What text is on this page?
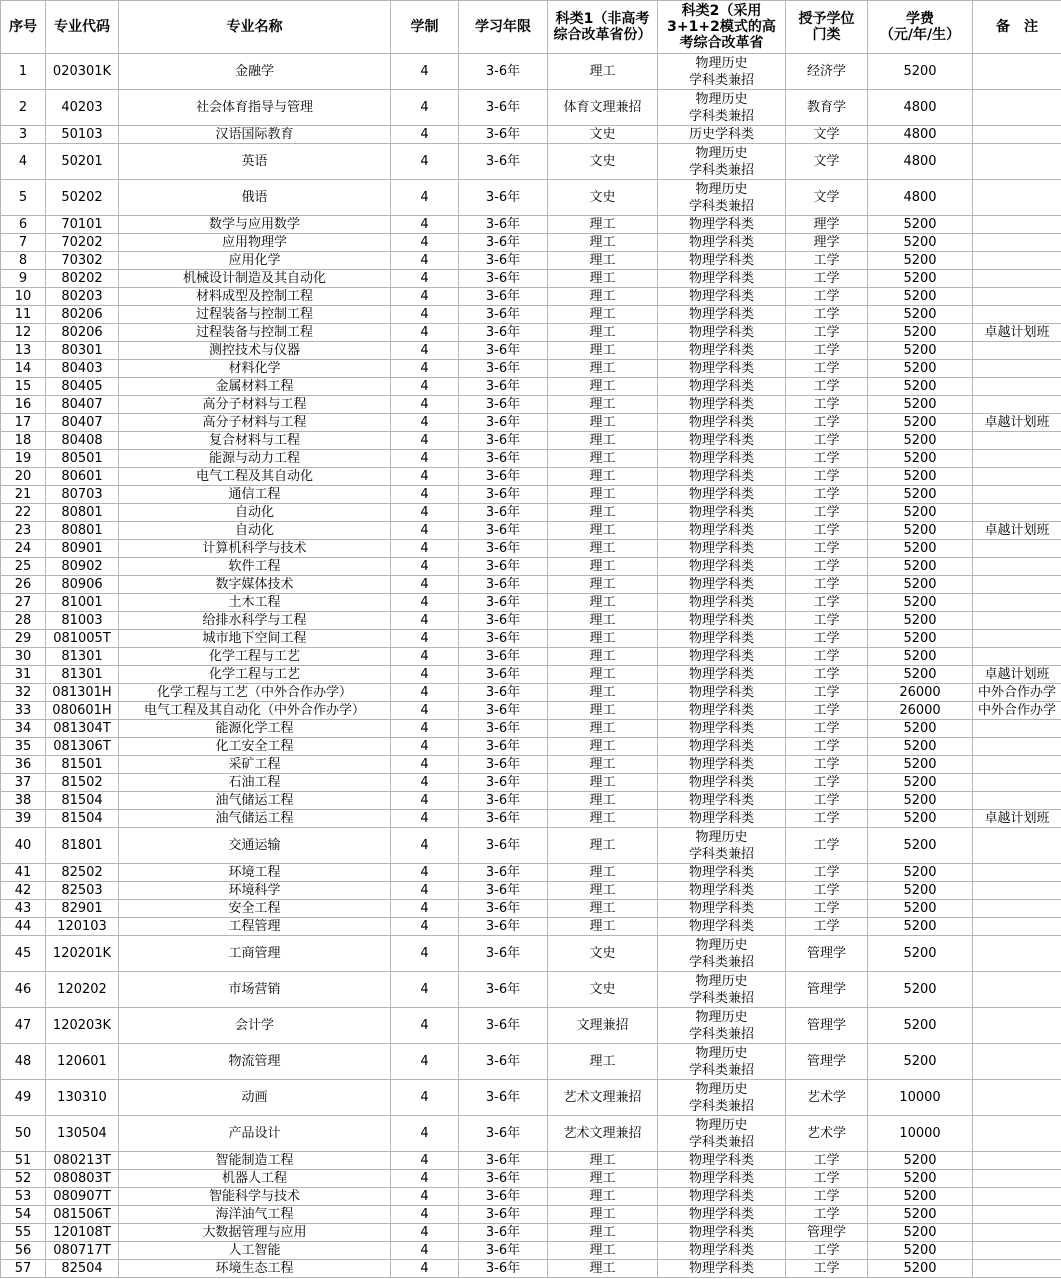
序号	专业代码	专业名称	学制	学习年限	科类1（非高考
综合改革省份）	科类2（采用
3+1+2模式的高
考综合改革省	授予学位
门类	学费
（元/年/生）	备　注
1	020301K	金融学	4	3-6年	理工	物理历史
学科类兼招	经济学	5200	
2	40203	社会体育指导与管理	4	3-6年	体育文理兼招	物理历史
学科类兼招	教育学	4800	
3	50103	汉语国际教育	4	3-6年	文史	历史学科类	文学	4800	
4	50201	英语	4	3-6年	文史	物理历史
学科类兼招	文学	4800	
5	50202	俄语	4	3-6年	文史	物理历史
学科类兼招	文学	4800	
6	70101	数学与应用数学	4	3-6年	理工	物理学科类	理学	5200	
7	70202	应用物理学	4	3-6年	理工	物理学科类	理学	5200	
8	70302	应用化学	4	3-6年	理工	物理学科类	工学	5200	
9	80202	机械设计制造及其自动化	4	3-6年	理工	物理学科类	工学	5200	
10	80203	材料成型及控制工程	4	3-6年	理工	物理学科类	工学	5200	
11	80206	过程装备与控制工程	4	3-6年	理工	物理学科类	工学	5200	
12	80206	过程装备与控制工程	4	3-6年	理工	物理学科类	工学	5200	卓越计划班
13	80301	测控技术与仪器	4	3-6年	理工	物理学科类	工学	5200	
14	80403	材料化学	4	3-6年	理工	物理学科类	工学	5200	
15	80405	金属材料工程	4	3-6年	理工	物理学科类	工学	5200	
16	80407	高分子材料与工程	4	3-6年	理工	物理学科类	工学	5200	
17	80407	高分子材料与工程	4	3-6年	理工	物理学科类	工学	5200	卓越计划班
18	80408	复合材料与工程	4	3-6年	理工	物理学科类	工学	5200	
19	80501	能源与动力工程	4	3-6年	理工	物理学科类	工学	5200	
20	80601	电气工程及其自动化	4	3-6年	理工	物理学科类	工学	5200	
21	80703	通信工程	4	3-6年	理工	物理学科类	工学	5200	
22	80801	自动化	4	3-6年	理工	物理学科类	工学	5200	
23	80801	自动化	4	3-6年	理工	物理学科类	工学	5200	卓越计划班
24	80901	计算机科学与技术	4	3-6年	理工	物理学科类	工学	5200	
25	80902	软件工程	4	3-6年	理工	物理学科类	工学	5200	
26	80906	数字媒体技术	4	3-6年	理工	物理学科类	工学	5200	
27	81001	土木工程	4	3-6年	理工	物理学科类	工学	5200	
28	81003	给排水科学与工程	4	3-6年	理工	物理学科类	工学	5200	
29	081005T	城市地下空间工程	4	3-6年	理工	物理学科类	工学	5200	
30	81301	化学工程与工艺	4	3-6年	理工	物理学科类	工学	5200	
31	81301	化学工程与工艺	4	3-6年	理工	物理学科类	工学	5200	卓越计划班
32	081301H	化学工程与工艺（中外合作办学）	4	3-6年	理工	物理学科类	工学	26000	中外合作办学
33	080601H	电气工程及其自动化（中外合作办学）	4	3-6年	理工	物理学科类	工学	26000	中外合作办学
34	081304T	能源化学工程	4	3-6年	理工	物理学科类	工学	5200	
35	081306T	化工安全工程	4	3-6年	理工	物理学科类	工学	5200	
36	81501	采矿工程	4	3-6年	理工	物理学科类	工学	5200	
37	81502	石油工程	4	3-6年	理工	物理学科类	工学	5200	
38	81504	油气储运工程	4	3-6年	理工	物理学科类	工学	5200	
39	81504	油气储运工程	4	3-6年	理工	物理学科类	工学	5200	卓越计划班
40	81801	交通运输	4	3-6年	理工	物理历史
学科类兼招	工学	5200	
41	82502	环境工程	4	3-6年	理工	物理学科类	工学	5200	
42	82503	环境科学	4	3-6年	理工	物理学科类	工学	5200	
43	82901	安全工程	4	3-6年	理工	物理学科类	工学	5200	
44	120103	工程管理	4	3-6年	理工	物理学科类	工学	5200	
45	120201K	工商管理	4	3-6年	文史	物理历史
学科类兼招	管理学	5200	
46	120202	市场营销	4	3-6年	文史	物理历史
学科类兼招	管理学	5200	
47	120203K	会计学	4	3-6年	文理兼招	物理历史
学科类兼招	管理学	5200	
48	120601	物流管理	4	3-6年	理工	物理历史
学科类兼招	管理学	5200	
49	130310	动画	4	3-6年	艺术文理兼招	物理历史
学科类兼招	艺术学	10000	
50	130504	产品设计	4	3-6年	艺术文理兼招	物理历史
学科类兼招	艺术学	10000	
51	080213T	智能制造工程	4	3-6年	理工	物理学科类	工学	5200	
52	080803T	机器人工程	4	3-6年	理工	物理学科类	工学	5200	
53	080907T	智能科学与技术	4	3-6年	理工	物理学科类	工学	5200	
54	081506T	海洋油气工程	4	3-6年	理工	物理学科类	工学	5200	
55	120108T	大数据管理与应用	4	3-6年	理工	物理学科类	管理学	5200	
56	080717T	人工智能	4	3-6年	理工	物理学科类	工学	5200	
57	82504	环境生态工程	4	3-6年	理工	物理学科类	工学	5200	
